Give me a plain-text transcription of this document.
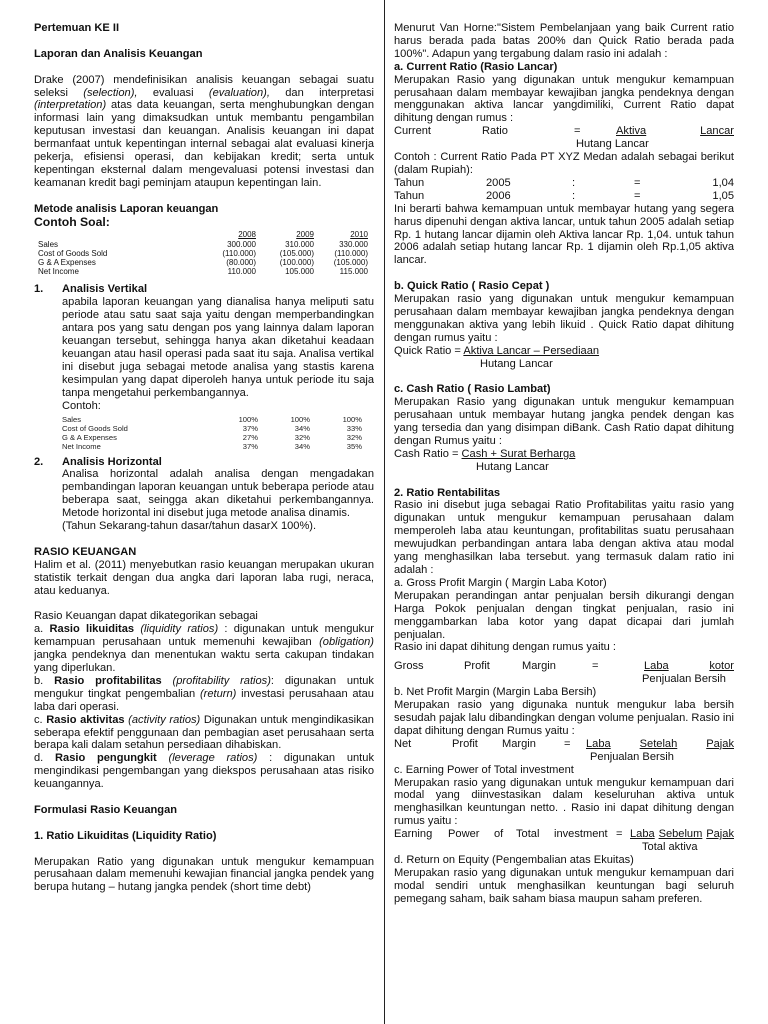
Pertemuan KE II

Laporan dan Analisis Keuangan

Drake (2007) mendefinisikan analisis keuangan sebagai suatu seleksi (selection), evaluasi (evaluation), dan interpretasi (interpretation) atas data keuangan, serta menghubungkan dengan informasi lain yang dimaksudkan untuk membantu pengambilan keputusan investasi dan keuangan. Analisis keuangan ini dapat bermanfaat untuk kepentingan internal sebagai alat evaluasi kinerja pekerja, efisiensi operasi, dan kebijakan kredit; serta untuk kepentingan eksternal dalam mengevaluasi potensi investasi dan keamanan kredit bagi peminjam ataupun kepentingan lain.

Metode analisis Laporan keuangan

Contoh Soal:

	2008	2009	2010
Sales	300.000	310.000	330.000
Cost of Goods Sold	(110.000)	(105.000)	(110.000)
G & A Expenses	(80.000)	(100.000)	(105.000)
Net Income	110.000	105.000	115.000
1.	Analisis Vertikal

apabila laporan keuangan yang dianalisa hanya meliputi satu periode atau satu saat saja yaitu dengan memperbandingkan antara pos yang satu dengan pos yang lainnya dalam laporan keuangan tersebut, sehingga hanya akan diketahui keadaan keuangan atau hasil operasi pada saat itu saja. Analisa vertikal ini disebut juga sebagai metode analisa yang stastis karena kesimpulan yang dapat diperoleh hanya untuk periode itu saja tanpa mengetahui perkembangannya.

Contoh:

Sales	100%	100%	100%
Cost of Goods Sold	37%	34%	33%
G & A Expenses	27%	32%	32%
Net Income	37%	34%	35%
2.	Analisis Horizontal

Analisa horizontal adalah analisa dengan mengadakan pembandingan laporan keuangan untuk beberapa periode atau beberapa saat, seingga akan diketahui perkembangannya. Metode horizontal ini disebut juga metode analisa dinamis.

(Tahun Sekarang-tahun dasar/tahun dasarX 100%).

RASIO KEUANGAN

Halim et al. (2011) menyebutkan rasio keuangan merupakan ukuran statistik terkait dengan dua angka dari laporan laba rugi, neraca, atau keduanya.

Rasio Keuangan dapat dikategorikan sebagai

a. Rasio likuiditas (liquidity ratios) : digunakan untuk mengukur kemampuan perusahaan untuk memenuhi kewajiban (obligation) jangka pendeknya dan menentukan waktu serta cakupan tindakan yang diperlukan.

b. Rasio profitabilitas (profitability ratios): digunakan untuk mengukur tingkat pengembalian (return) investasi perusahaan atau laba dari operasi.

c. Rasio aktivitas (activity ratios) Digunakan untuk mengindikasikan seberapa efektif penggunaan dan pembagian aset perusahaan serta berapa kali dalam setahun persediaan dihabiskan.

d. Rasio pengungkit (leverage ratios) : digunakan untuk mengindikasi pengembangan yang diekspos perusahaan atas risiko keuangannya.

Formulasi Rasio Keuangan

1. Ratio Likuiditas (Liquidity Ratio)

Merupakan Ratio yang digunakan untuk mengukur kemampuan perusahaan dalam memenuhi kewajian financial jangka pendek yang berupa hutang – hutang jangka pendek (short time debt)

Menurut Van Horne:"Sistem Pembelanjaan yang baik Current ratio harus berada pada batas 200% dan Quick Ratio berada pada 100%". Adapun yang tergabung dalam rasio ini adalah :

a. Current Ratio (Rasio Lancar)

Merupakan Rasio yang digunakan untuk mengukur kemampuan perusahaan dalam membayar kewajiban jangka pendeknya dengan menggunakan aktiva lancar yangdimiliki, Current Ratio dapat dihitung dengan rumus :

Current	Ratio	=	Aktiva	Lancar
Hutang Lancar

Contoh : Current Ratio Pada PT XYZ Medan adalah sebagai berikut (dalam Rupiah):

Tahun	2005	:	=	1,04
Tahun	2006	:	=	1,05

Ini berarti bahwa kemampuan untuk membayar hutang yang segera harus dipenuhi dengan aktiva lancar, untuk tahun 2005 adalah setiap Rp. 1 hutang lancar dijamin oleh Aktiva lancar Rp. 1,04. untuk tahun 2006 adalah setiap hutang lancar Rp. 1 dijamin oleh Rp.1,05 aktiva lancar.

b. Quick Ratio ( Rasio Cepat )

Merupakan rasio yang digunakan untuk mengukur kemampuan perusahaan dalam membayar kewajiban jangka pendeknya dengan menggunakan aktiva yang lebih likuid . Quick Ratio dapat dihitung dengan rumus yaitu :

Quick Ratio = Aktiva Lancar – Persediaan
Hutang Lancar

c. Cash Ratio ( Rasio Lambat)

Merupakan Rasio yang digunakan untuk mengukur kemampuan perusahaan untuk membayar hutang jangka pendek dengan kas yang tersedia dan yang disimpan diBank. Cash Ratio dapat dihitung dengan Rumus yaitu :

Cash Ratio = Cash + Surat Berharga
Hutang Lancar

2. Ratio Rentabilitas

Rasio ini disebut juga sebagai Ratio Profitabilitas yaitu rasio yang digunakan untuk mengukur kemampuan perusahaan dalam memperoleh laba atau keuntungan, profitabilitas suatu perusahaan mewujudkan perbandingan antara laba dengan aktiva atau modal yang menghasilkan laba tersebut. yang termasuk dalam ratio ini adalah :

a. Gross Profit Margin ( Margin Laba Kotor)

Merupakan perandingan antar penjualan bersih dikurangi dengan Harga Pokok penjualan dengan tingkat penjualan, rasio ini menggambarkan laba kotor yang dapat dicapai dari jumlah penjualan.

Rasio ini dapat dihitung dengan rumus yaitu :

Gross	Profit	Margin	=	Laba	kotor
Penjualan Bersih

b. Net Profit Margin (Margin Laba Bersih)

Merupakan rasio yang digunaka nuntuk mengukur laba bersih sesudah pajak lalu dibandingkan dengan volume penjualan. Rasio ini dapat dihitung dengan Rumus yaitu :

Net	Profit	Margin	=	Laba	Setelah	Pajak
Penjualan Bersih

c. Earning Power of Total investment

Merupakan rasio yang digunakan untuk mengukur kemampuan dari modal yang diinvestasikan dalam keseluruhan aktiva untuk menghasilkan keuntungan netto. . Rasio ini dapat dihitung dengan rumus yaitu :

Earning	Power	of	Total	investment = Laba Sebelum Pajak
Total aktiva

d. Return on Equity (Pengembalian atas Ekuitas)

Merupakan rasio yang digunakan untuk mengukur kemampuan dari modal sendiri untuk menghasilkan keuntungan bagi seluruh pemegang saham, baik saham biasa maupun saham preferen.
